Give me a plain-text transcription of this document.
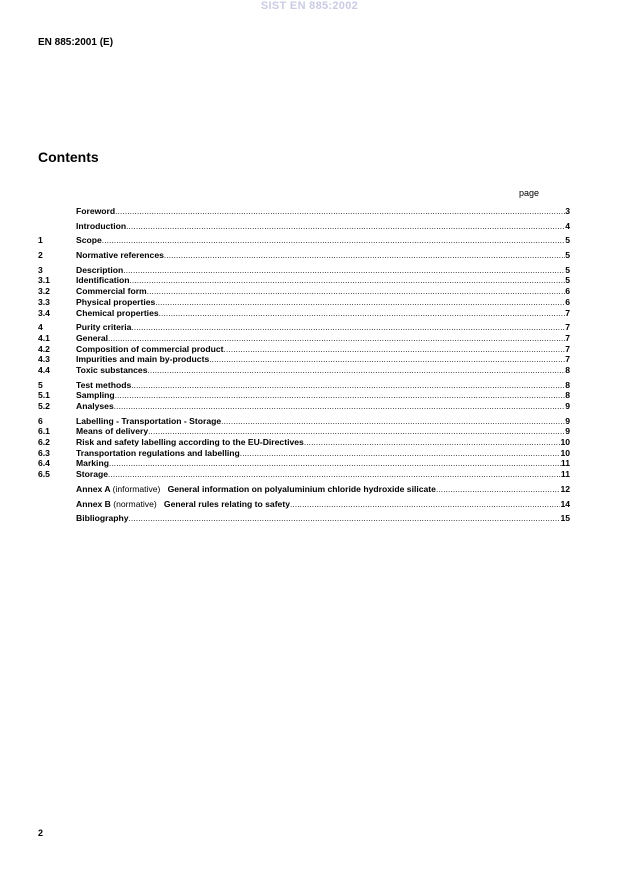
SIST EN 885:2002
EN 885:2001 (E)
Contents
page
Foreword .....	3
Introduction .....	4
1	Scope .....	5
2	Normative references .....	5
3	Description .....	5
3.1	Identification .....	5
3.2	Commercial form .....	6
3.3	Physical properties .....	6
3.4	Chemical properties .....	7
4	Purity criteria .....	7
4.1	General .....	7
4.2	Composition of commercial product .....	7
4.3	Impurities and main by-products .....	7
4.4	Toxic substances .....	8
5	Test methods .....	8
5.1	Sampling .....	8
5.2	Analyses .....	9
6	Labelling - Transportation - Storage .....	9
6.1	Means of delivery .....	9
6.2	Risk and safety labelling according to the EU-Directives .....	10
6.3	Transportation regulations and labelling .....	10
6.4	Marking .....	11
6.5	Storage .....	11
Annex A (informative) General information on polyaluminium chloride hydroxide silicate .....	12
Annex B (normative) General rules relating to safety .....	14
Bibliography .....	15
2
